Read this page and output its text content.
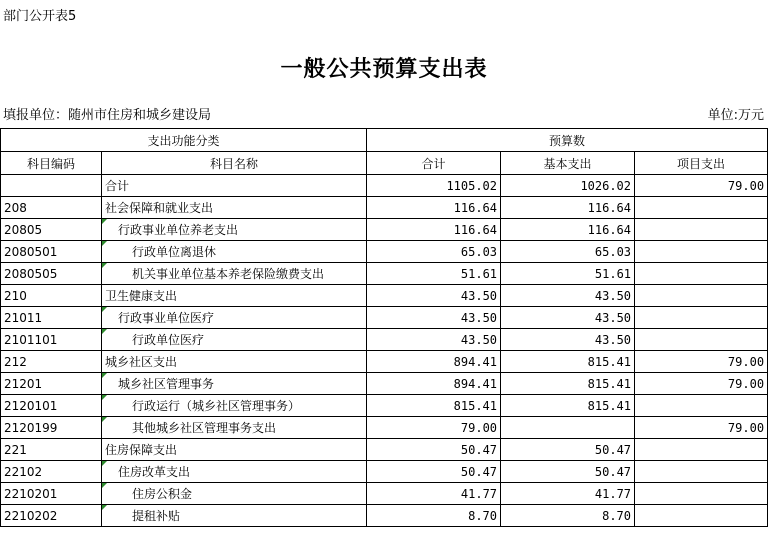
部门公开表5
一般公共预算支出表
填报单位：随州市住房和城乡建设局	单位:万元
支出功能分类		预算数		
科目编码	科目名称	合计	基本支出	项目支出
	合计	1105.02	1026.02	79.00
208	社会保障和就业支出	116.64	116.64	
20805	行政事业单位养老支出	116.64	116.64	
2080501	行政单位离退休	65.03	65.03	
2080505	机关事业单位基本养老保险缴费支出	51.61	51.61	
210	卫生健康支出	43.50	43.50	
21011	行政事业单位医疗	43.50	43.50	
2101101	行政单位医疗	43.50	43.50	
212	城乡社区支出	894.41	815.41	79.00
21201	城乡社区管理事务	894.41	815.41	79.00
2120101	行政运行（城乡社区管理事务）	815.41	815.41	
2120199	其他城乡社区管理事务支出	79.00		79.00
221	住房保障支出	50.47	50.47	
22102	住房改革支出	50.47	50.47	
2210201	住房公积金	41.77	41.77	
2210202	提租补贴	8.70	8.70	
